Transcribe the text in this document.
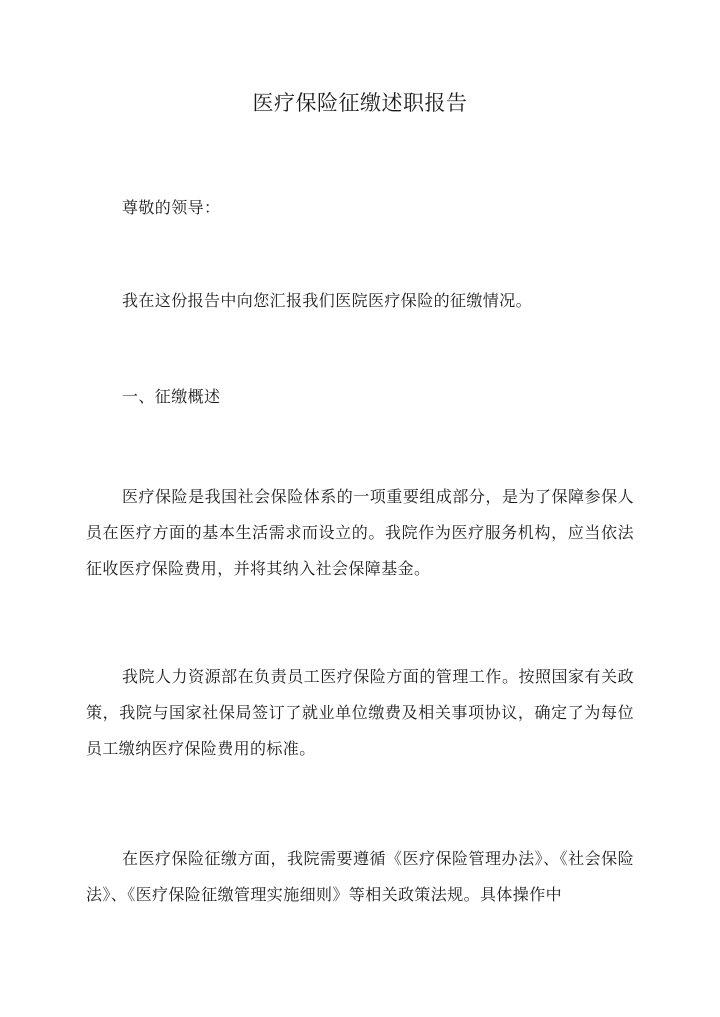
医疗保险征缴述职报告

尊敬的领导：

我在这份报告中向您汇报我们医院医疗保险的征缴情况。

一、征缴概述

医疗保险是我国社会保险体系的一项重要组成部分，是为了保障参保人员在医疗方面的基本生活需求而设立的。我院作为医疗服务机构，应当依法征收医疗保险费用，并将其纳入社会保障基金。

我院人力资源部在负责员工医疗保险方面的管理工作。按照国家有关政策，我院与国家社保局签订了就业单位缴费及相关事项协议，确定了为每位员工缴纳医疗保险费用的标准。

在医疗保险征缴方面，我院需要遵循《医疗保险管理办法》、《社会保险法》、《医疗保险征缴管理实施细则》等相关政策法规。具体操作中
